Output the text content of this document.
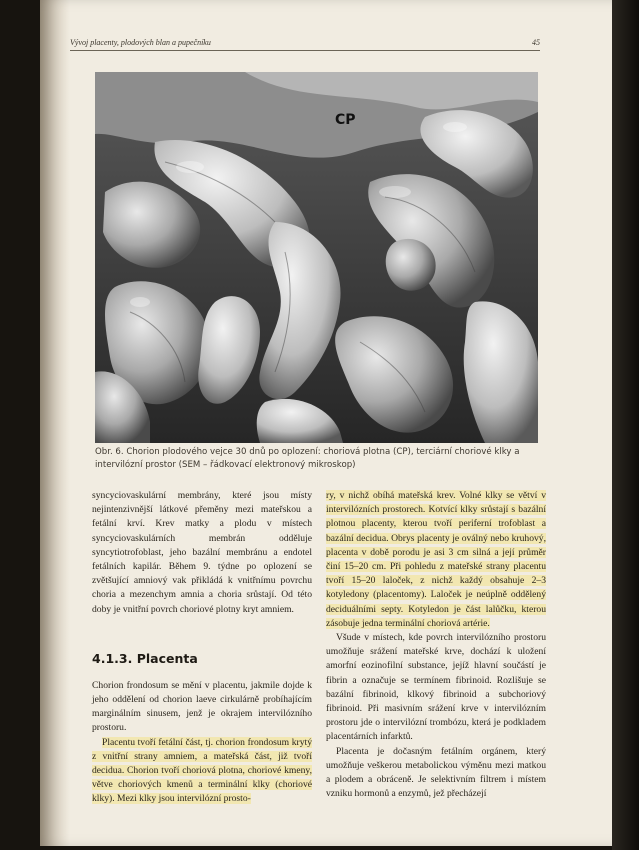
Vývoj placenty, plodových blan a pupečníku	45
CP

Obr. 6. Chorion plodového vejce 30 dnů po oplození: choriová plotna (CP), terciární choriové klky a intervilózní prostor (SEM – řádkovací elektronový mikroskop)

syncyciovaskulární membrány, které jsou místy nejintenzivnější látkové přeměny mezi mateřskou a fetální krví. Krev matky a plodu v místech syncyciovaskulárních membrán odděluje syncytiotrofoblast, jeho bazální membránu a endotel fetálních kapilár. Během 9. týdne po oplození se zvětšující amniový vak přikládá k vnitřnímu povrchu choria a mezenchym amnia a choria srůstají. Od této doby je vnitřní povrch choriové plotny kryt amniem.

4.1.3. Placenta

Chorion frondosum se mění v placentu, jakmile dojde k jeho oddělení od chorion laeve cirkulárně probíhajícím marginálním sinusem, jenž je okrajem intervilózního prostoru.

Placentu tvoří fetální část, tj. chorion frondosum krytý z vnitřní strany amniem, a mateřská část, již tvoří decidua. Chorion tvoří choriová plotna, choriové kmeny, větve choriových kmenů a terminální klky (choriové klky). Mezi klky jsou intervilózní prosto-

ry, v nichž obíhá mateřská krev. Volné klky se větví v intervilózních prostorech. Kotvící klky srůstají s bazální plotnou placenty, kterou tvoří periferní trofoblast a bazální decidua. Obrys placenty je oválný nebo kruhový, placenta v době porodu je asi 3 cm silná a její průměr činí 15–20 cm. Při pohledu z mateřské strany placentu tvoří 15–20 laloček, z nichž každý obsahuje 2–3 kotyledony (placentomy). Laloček je neúplně oddělený deciduálními septy. Kotyledon je část lalůčku, kterou zásobuje jedna terminální choriová artérie.

Všude v místech, kde povrch intervilózního prostoru umožňuje srážení mateřské krve, dochází k uložení amorfní eozinofilní substance, jejíž hlavní součástí je fibrin a označuje se termínem fibrinoid. Rozlišuje se bazální fibrinoid, klkový fibrinoid a subchoriový fibrinoid. Při masivním srážení krve v intervilózním prostoru jde o intervilózní trombózu, která je podkladem placentárních infarktů.

Placenta je dočasným fetálním orgánem, který umožňuje veškerou metabolickou výměnu mezi matkou a plodem a obráceně. Je selektivním filtrem i místem vzniku hormonů a enzymů, jež přecházejí
